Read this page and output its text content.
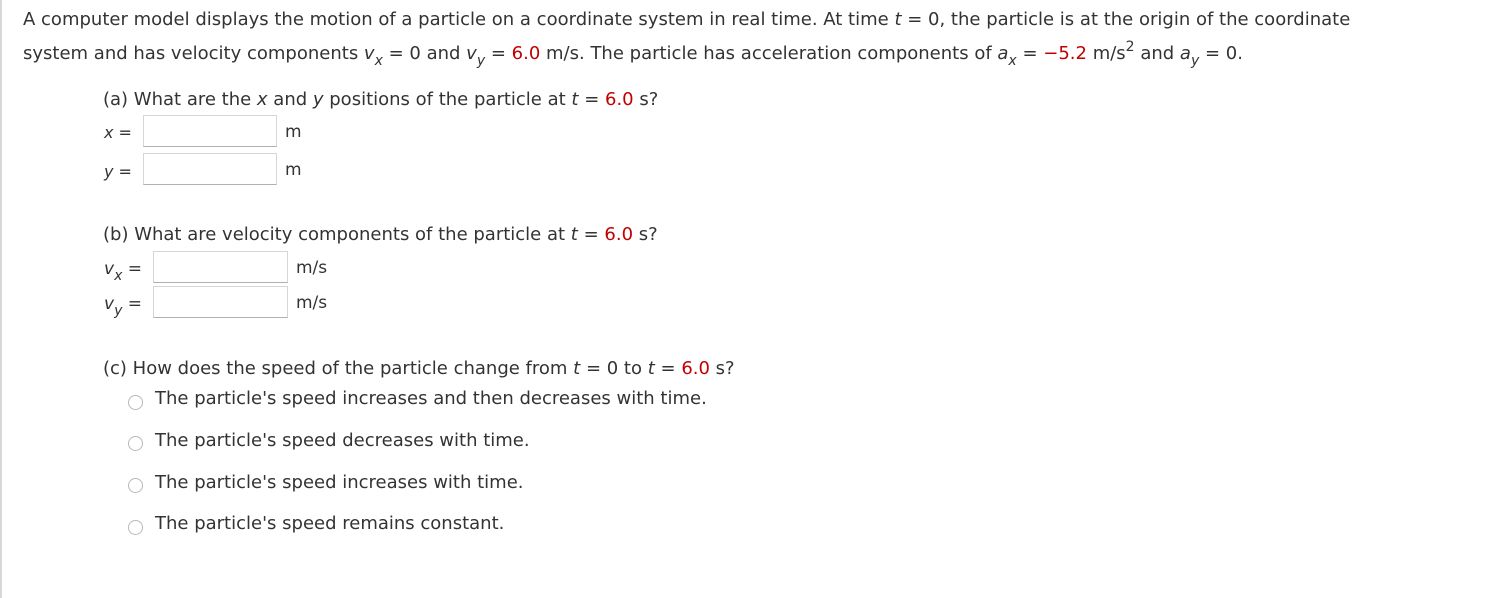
A computer model displays the motion of a particle on a coordinate system in real time. At time t = 0, the particle is at the origin of the coordinate
system and has velocity components $v_x = 0$ and $v_y = 6.0$ m/s. The particle has acceleration components of $a_x = -5.2$ $m/s^2$ and $a_y = 0$.
(a) What are the x and y positions of the particle at t = 6.0 s?
x =	m
y =	m
(b) What are velocity components of the particle at t = 6.0 s?
$v_x$ =	m/s
$v_y$ =	m/s
(c) How does the speed of the particle change from t = 0 to t = 6.0 s?
The particle's speed increases and then decreases with time.
The particle's speed decreases with time.
The particle's speed increases with time.
The particle's speed remains constant.
